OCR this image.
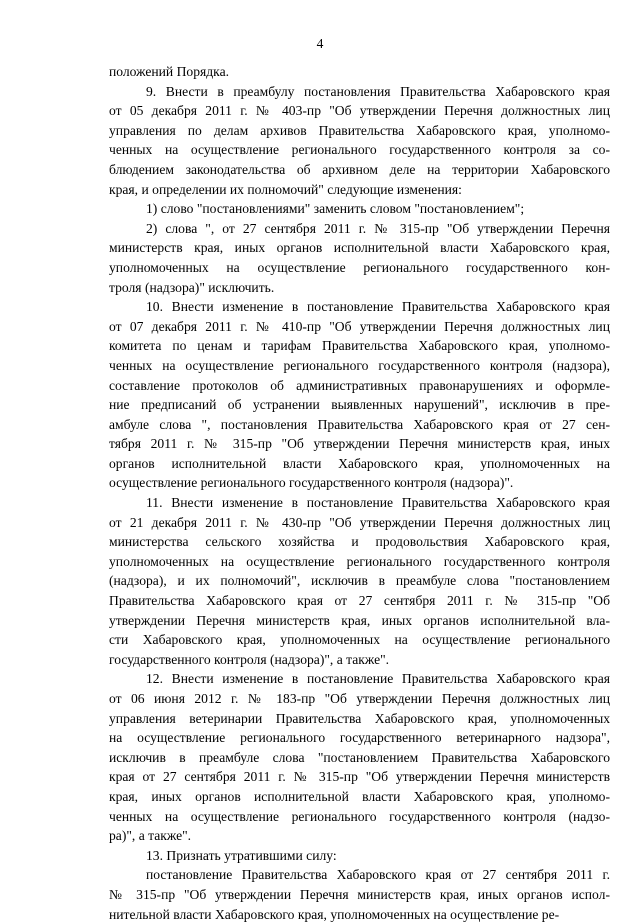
4
положений Порядка.
9. Внести в преамбулу постановления Правительства Хабаровского края
от 05 декабря 2011 г. № 403-пр "Об утверждении Перечня должностных лиц
управления по делам архивов Правительства Хабаровского края, уполномо-
ченных на осуществление регионального государственного контроля за со-
блюдением законодательства об архивном деле на территории Хабаровского
края, и определении их полномочий" следующие изменения:
1) слово "постановлениями" заменить словом "постановлением";
2) слова ", от 27 сентября 2011 г. № 315-пр "Об утверждении Перечня
министерств края, иных органов исполнительной власти Хабаровского края,
уполномоченных на осуществление регионального государственного кон-
троля (надзора)" исключить.
10. Внести изменение в постановление Правительства Хабаровского края
от 07 декабря 2011 г. № 410-пр "Об утверждении Перечня должностных лиц
комитета по ценам и тарифам Правительства Хабаровского края, уполномо-
ченных на осуществление регионального государственного контроля (надзора),
составление протоколов об административных правонарушениях и оформле-
ние предписаний об устранении выявленных нарушений", исключив в пре-
амбуле слова ", постановления Правительства Хабаровского края от 27 сен-
тября 2011 г. № 315-пр "Об утверждении Перечня министерств края, иных
органов исполнительной власти Хабаровского края, уполномоченных на
осуществление регионального государственного контроля (надзора)".
11. Внести изменение в постановление Правительства Хабаровского края
от 21 декабря 2011 г. № 430-пр "Об утверждении Перечня должностных лиц
министерства сельского хозяйства и продовольствия Хабаровского края,
уполномоченных на осуществление регионального государственного контроля
(надзора), и их полномочий", исключив в преамбуле слова "постановлением
Правительства Хабаровского края от 27 сентября 2011 г. № 315-пр "Об
утверждении Перечня министерств края, иных органов исполнительной вла-
сти Хабаровского края, уполномоченных на осуществление регионального
государственного контроля (надзора)", а также".
12. Внести изменение в постановление Правительства Хабаровского края
от 06 июня 2012 г. № 183-пр "Об утверждении Перечня должностных лиц
управления ветеринарии Правительства Хабаровского края, уполномоченных
на осуществление регионального государственного ветеринарного надзора",
исключив в преамбуле слова "постановлением Правительства Хабаровского
края от 27 сентября 2011 г. № 315-пр "Об утверждении Перечня министерств
края, иных органов исполнительной власти Хабаровского края, уполномо-
ченных на осуществление регионального государственного контроля (надзо-
ра)", а также".
13. Признать утратившими силу:
постановление Правительства Хабаровского края от 27 сентября 2011 г.
№ 315-пр "Об утверждении Перечня министерств края, иных органов испол-
нительной власти Хабаровского края, уполномоченных на осуществление ре-
